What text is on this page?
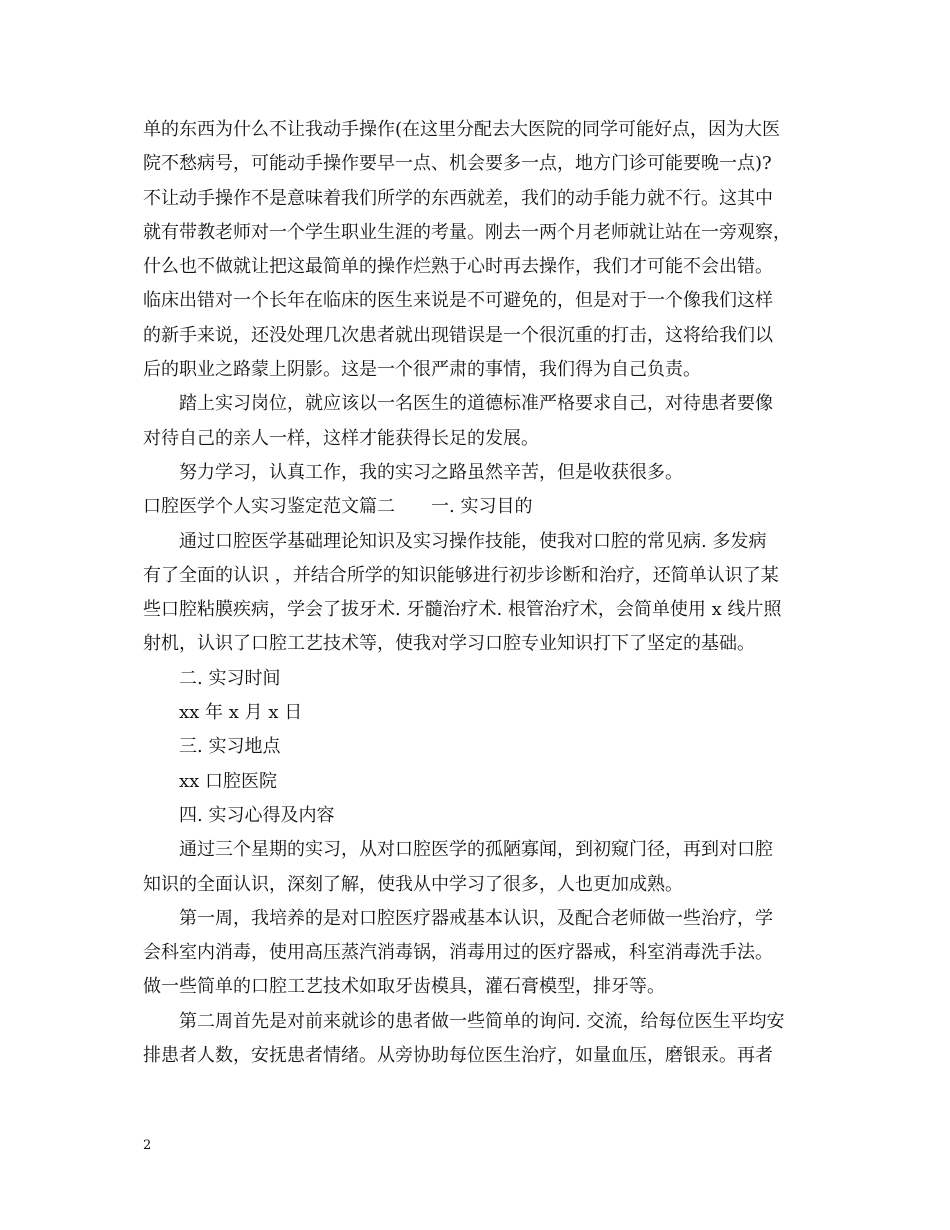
单的东西为什么不让我动手操作(在这里分配去大医院的同学可能好点，因为大医
院不愁病号，可能动手操作要早一点、机会要多一点，地方门诊可能要晚一点)?
不让动手操作不是意味着我们所学的东西就差，我们的动手能力就不行。这其中
就有带教老师对一个学生职业生涯的考量。刚去一两个月老师就让站在一旁观察，
什么也不做就让把这最简单的操作烂熟于心时再去操作，我们才可能不会出错。
临床出错对一个长年在临床的医生来说是不可避免的，但是对于一个像我们这样
的新手来说，还没处理几次患者就出现错误是一个很沉重的打击，这将给我们以
后的职业之路蒙上阴影。这是一个很严肃的事情，我们得为自己负责。
踏上实习岗位，就应该以一名医生的道德标准严格要求自己，对待患者要像
对待自己的亲人一样，这样才能获得长足的发展。
努力学习，认真工作，我的实习之路虽然辛苦，但是收获很多。
口腔医学个人实习鉴定范文篇二　　一. 实习目的
通过口腔医学基础理论知识及实习操作技能，使我对口腔的常见病. 多发病
有了全面的认识 ，并结合所学的知识能够进行初步诊断和治疗，还简单认识了某
些口腔粘膜疾病，学会了拔牙术. 牙髓治疗术. 根管治疗术，会简单使用 x 线片照
射机，认识了口腔工艺技术等，使我对学习口腔专业知识打下了坚定的基础。
二. 实习时间
xx 年 x 月 x 日
三. 实习地点
xx 口腔医院
四. 实习心得及内容
通过三个星期的实习，从对口腔医学的孤陋寡闻，到初窥门径，再到对口腔
知识的全面认识，深刻了解，使我从中学习了很多，人也更加成熟。
第一周，我培养的是对口腔医疗器戒基本认识，及配合老师做一些治疗，学
会科室内消毒，使用高压蒸汽消毒锅，消毒用过的医疗器戒，科室消毒洗手法。
做一些简单的口腔工艺技术如取牙齿模具，灌石膏模型，排牙等。
第二周首先是对前来就诊的患者做一些简单的询问. 交流，给每位医生平均安
排患者人数，安抚患者情绪。从旁协助每位医生治疗，如量血压，磨银汞。再者
2
